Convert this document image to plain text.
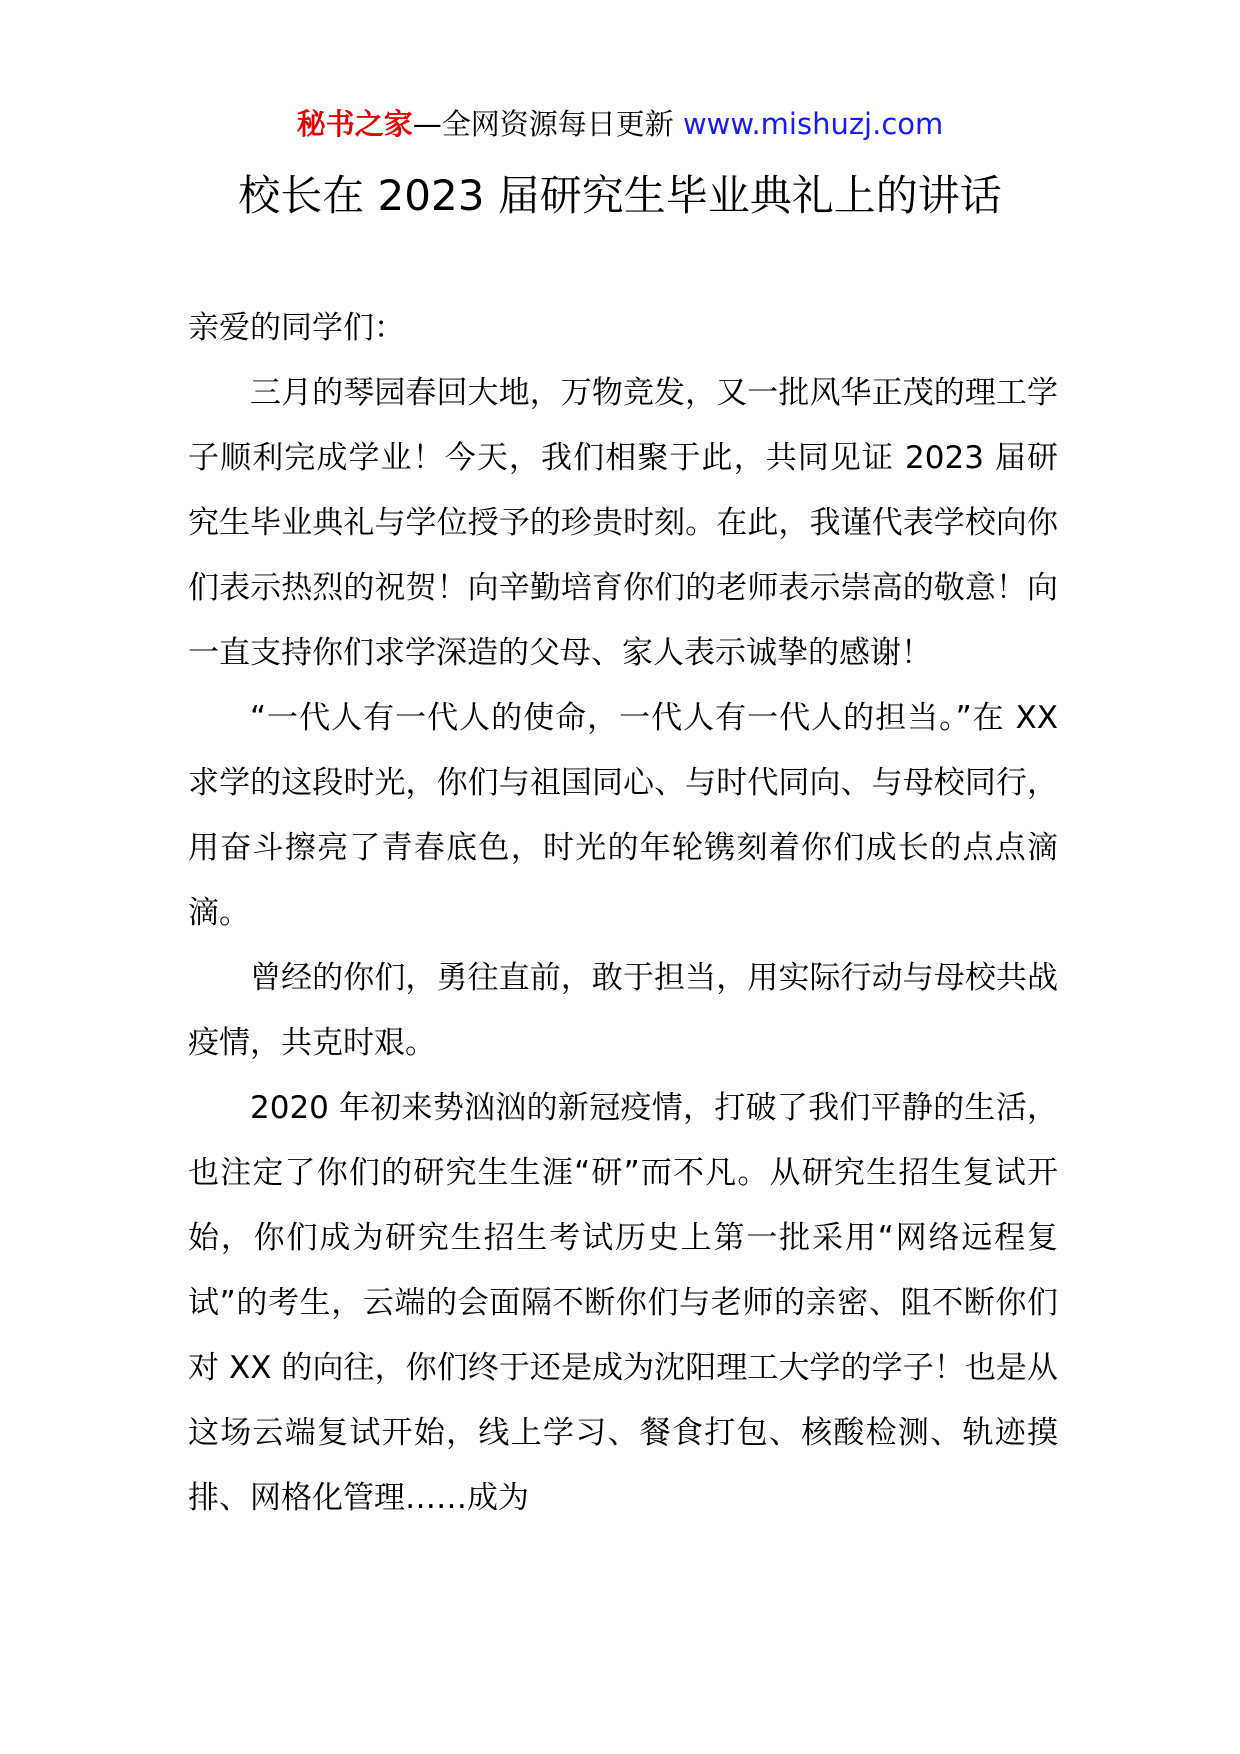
秘书之家—全网资源每日更新 www.mishuzj.com
校长在 2023 届研究生毕业典礼上的讲话

亲爱的同学们：

三月的琴园春回大地，万物竞发，又一批风华正茂的理工学子顺利完成学业！今天，我们相聚于此，共同见证 2023 届研究生毕业典礼与学位授予的珍贵时刻。在此，我谨代表学校向你们表示热烈的祝贺！向辛勤培育你们的老师表示崇高的敬意！向一直支持你们求学深造的父母、家人表示诚挚的感谢！

“一代人有一代人的使命，一代人有一代人的担当。”在 XX 求学的这段时光，你们与祖国同心、与时代同向、与母校同行，用奋斗擦亮了青春底色，时光的年轮镌刻着你们成长的点点滴滴。

曾经的你们，勇往直前，敢于担当，用实际行动与母校共战疫情，共克时艰。

2020 年初来势汹汹的新冠疫情，打破了我们平静的生活，也注定了你们的研究生生涯“研”而不凡。从研究生招生复试开始，你们成为研究生招生考试历史上第一批采用“网络远程复试”的考生，云端的会面隔不断你们与老师的亲密、阻不断你们对 XX 的向往，你们终于还是成为沈阳理工大学的学子！也是从这场云端复试开始，线上学习、餐食打包、核酸检测、轨迹摸排、网格化管理……成为
